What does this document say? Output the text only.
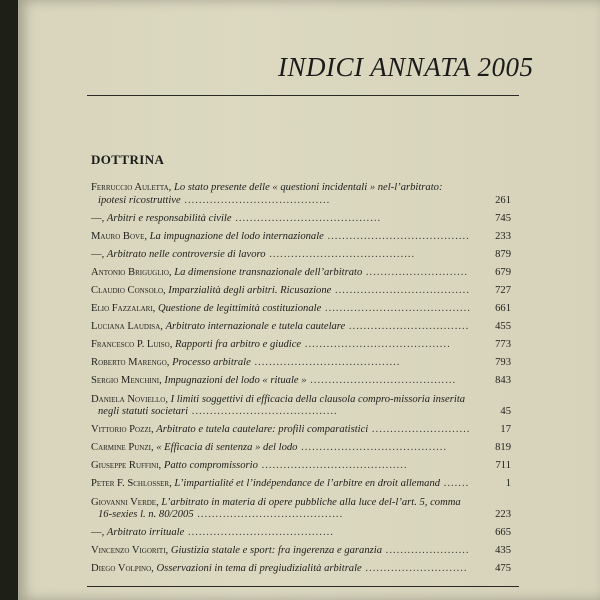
INDICI ANNATA 2005
DOTTRINA
Ferruccio Auletta, Lo stato presente delle « questioni incidentali » nel-l’arbitrato: ipotesi ricostruttive ........................................	261
—, Arbitri e responsabilità civile ........................................	745
Mauro Bove, La impugnazione del lodo internazionale .......................................	233
—, Arbitrato nelle controversie di lavoro ........................................	879
Antonio Briguglio, La dimensione transnazionale dell’arbitrato ............................	679
Claudio Consolo, Imparzialità degli arbitri. Ricusazione .....................................	727
Elio Fazzalari, Questione de legittimità costituzionale ........................................	661
Luciana Laudisa, Arbitrato internazionale e tutela cautelare .................................	455
Francesco P. Luiso, Rapporti fra arbitro e giudice ........................................	773
Roberto Marengo, Processo arbitrale ........................................	793
Sergio Menchini, Impugnazioni del lodo « rituale » ........................................	843
Daniela Noviello, I limiti soggettivi di efficacia della clausola compro-missoria inserita negli statuti societari ........................................	45
Vittorio Pozzi, Arbitrato e tutela cautelare: profili comparatistici ...........................	17
Carmine Punzi, « Efficacia di sentenza » del lodo ........................................	819
Giuseppe Ruffini, Patto compromissorio ........................................	711
Peter F. Schlosser, L’impartialité et l’indépendance de l’arbitre en droit allemand .......	1
Giovanni Verde, L’arbitrato in materia di opere pubbliche alla luce del-l’art. 5, comma 16-sexies l. n. 80/2005 ........................................	223
—, Arbitrato irrituale ........................................	665
Vincenzo Vigoriti, Giustizia statale e sport: fra ingerenza e garanzia .......................	435
Diego Volpino, Osservazioni in tema di pregiudizialità arbitrale ............................	475
